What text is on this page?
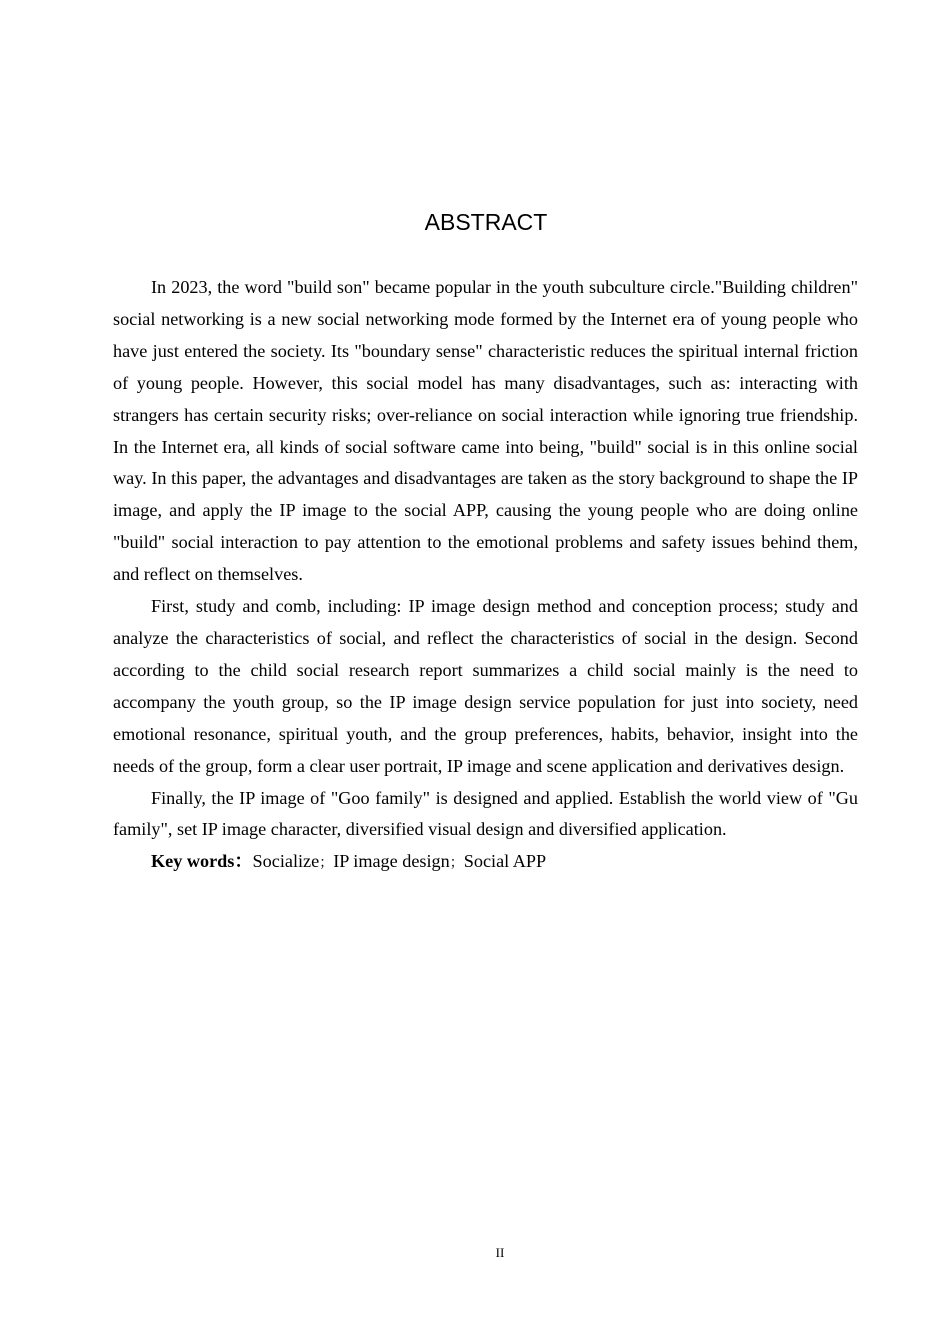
ABSTRACT

In 2023, the word "build son" became popular in the youth subculture circle."Building children" social networking is a new social networking mode formed by the Internet era of young people who have just entered the society. Its "boundary sense" characteristic reduces the spiritual internal friction of young people. However, this social model has many disadvantages, such as: interacting with strangers has certain security risks; over-reliance on social interaction while ignoring true friendship. In the Internet era, all kinds of social software came into being, "build" social is in this online social way. In this paper, the advantages and disadvantages are taken as the story background to shape the IP image, and apply the IP image to the social APP, causing the young people who are doing online "build" social interaction to pay attention to the emotional problems and safety issues behind them, and reflect on themselves.

First, study and comb, including: IP image design method and conception process; study and analyze the characteristics of social, and reflect the characteristics of social in the design. Second according to the child social research report summarizes a child social mainly is the need to accompany the youth group, so the IP image design service population for just into society, need emotional resonance, spiritual youth, and the group preferences, habits, behavior, insight into the needs of the group, form a clear user portrait, IP image and scene application and derivatives design.

Finally, the IP image of "Goo family" is designed and applied. Establish the world view of "Gu family", set IP image character, diversified visual design and diversified application.

Key words：Socialize；IP image design；Social APP

II
